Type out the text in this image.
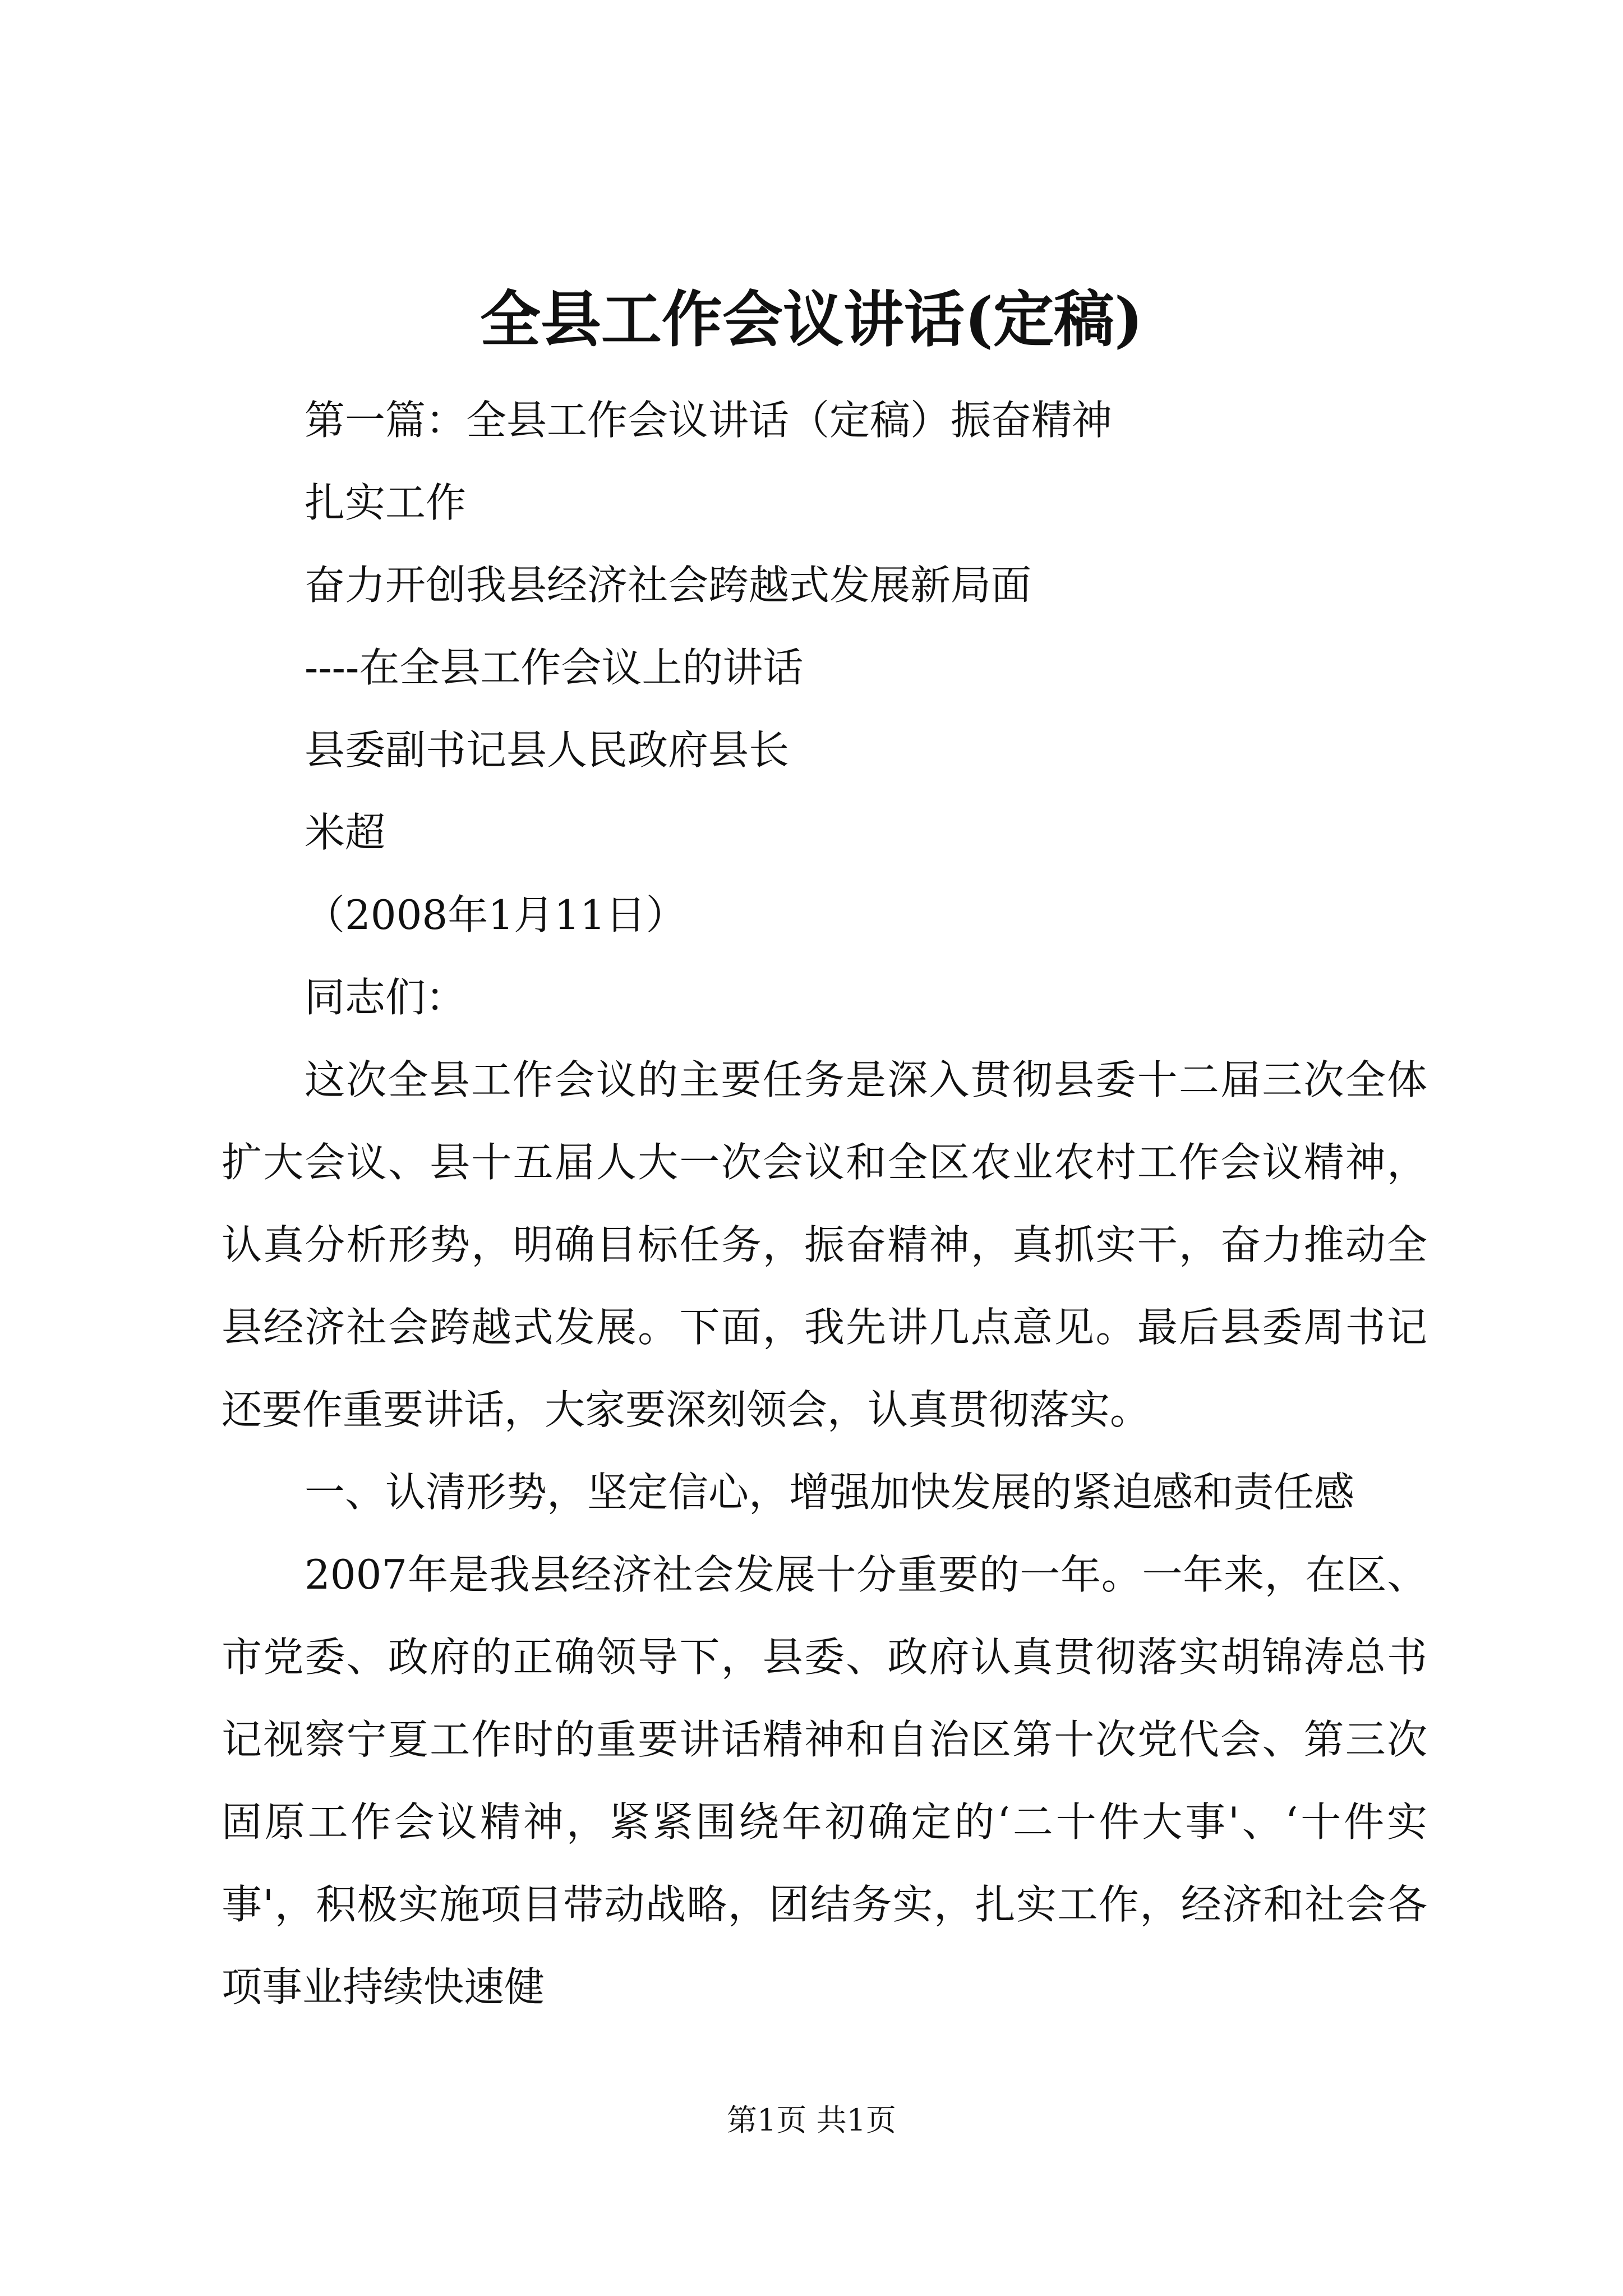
全县工作会议讲话(定稿)
第一篇：全县工作会议讲话（定稿）振奋精神
扎实工作
奋力开创我县经济社会跨越式发展新局面
----在全县工作会议上的讲话
县委副书记县人民政府县长
米超
（2008年1月11日）
同志们：
这次全县工作会议的主要任务是深入贯彻县委十二届三次全体扩大会议、县十五届人大一次会议和全区农业农村工作会议精神，认真分析形势，明确目标任务，振奋精神，真抓实干，奋力推动全县经济社会跨越式发展。下面，我先讲几点意见。最后县委周书记还要作重要讲话，大家要深刻领会，认真贯彻落实。
一、认清形势，坚定信心，增强加快发展的紧迫感和责任感
2007年是我县经济社会发展十分重要的一年。一年来，在区、市党委、政府的正确领导下，县委、政府认真贯彻落实胡锦涛总书记视察宁夏工作时的重要讲话精神和自治区第十次党代会、第三次固原工作会议精神，紧紧围绕年初确定的‘二十件大事'、‘十件实事'，积极实施项目带动战略，团结务实，扎实工作，经济和社会各项事业持续快速健
第1页 共1页
